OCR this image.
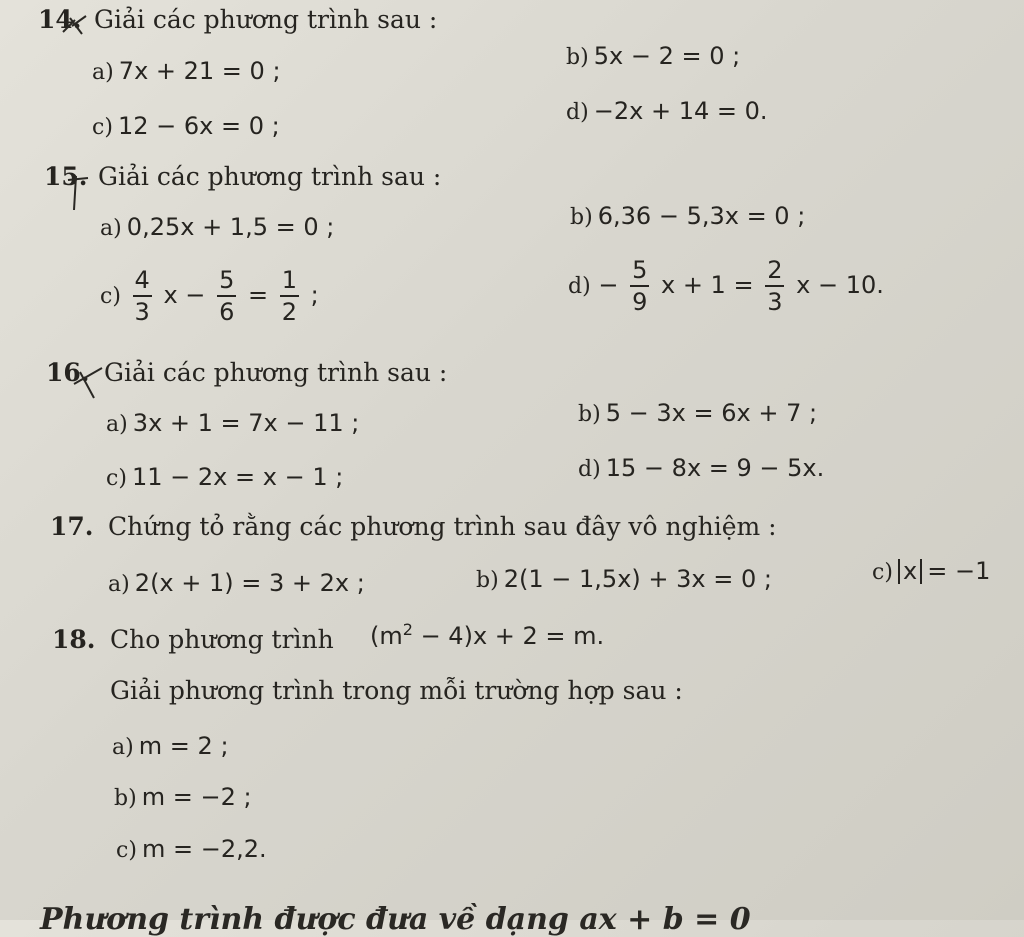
14. Giải các phương trình sau :
a) 7x + 21 = 0 ;	b) 5x − 2 = 0 ;
c) 12 − 6x = 0 ;	d) −2x + 14 = 0.
15. Giải các phương trình sau :
a) 0,25x + 1,5 = 0 ;	b) 6,36 − 5,3x = 0 ;
$c) \frac{4}{3}$ $x - \frac{5}{6} = \frac{1}{2}$ ;	$d) - \frac{5}{9}$ $x + 1 = \frac{2}{3}$ x − 10.
16. Giải các phương trình sau :
a) 3x + 1 = 7x − 11 ;	b) 5 − 3x = 6x + 7 ;
c) 11 − 2x = x − 1 ;	d) 15 − 8x = 9 − 5x.
17. Chứng tỏ rằng các phương trình sau đây vô nghiệm :
a) 2(x + 1) = 3 + 2x ;	b) 2(1 − 1,5x) + 3x = 0 ;	c) x = −1
18. Cho phương trình $(m^2 - 4)x + 2 = m$.
Giải phương trình trong mỗi trường hợp sau :
a) m = 2 ;
b) m = −2 ;
c) m = −2,2.
Phương trình được đưa về dạng ax + b = 0
